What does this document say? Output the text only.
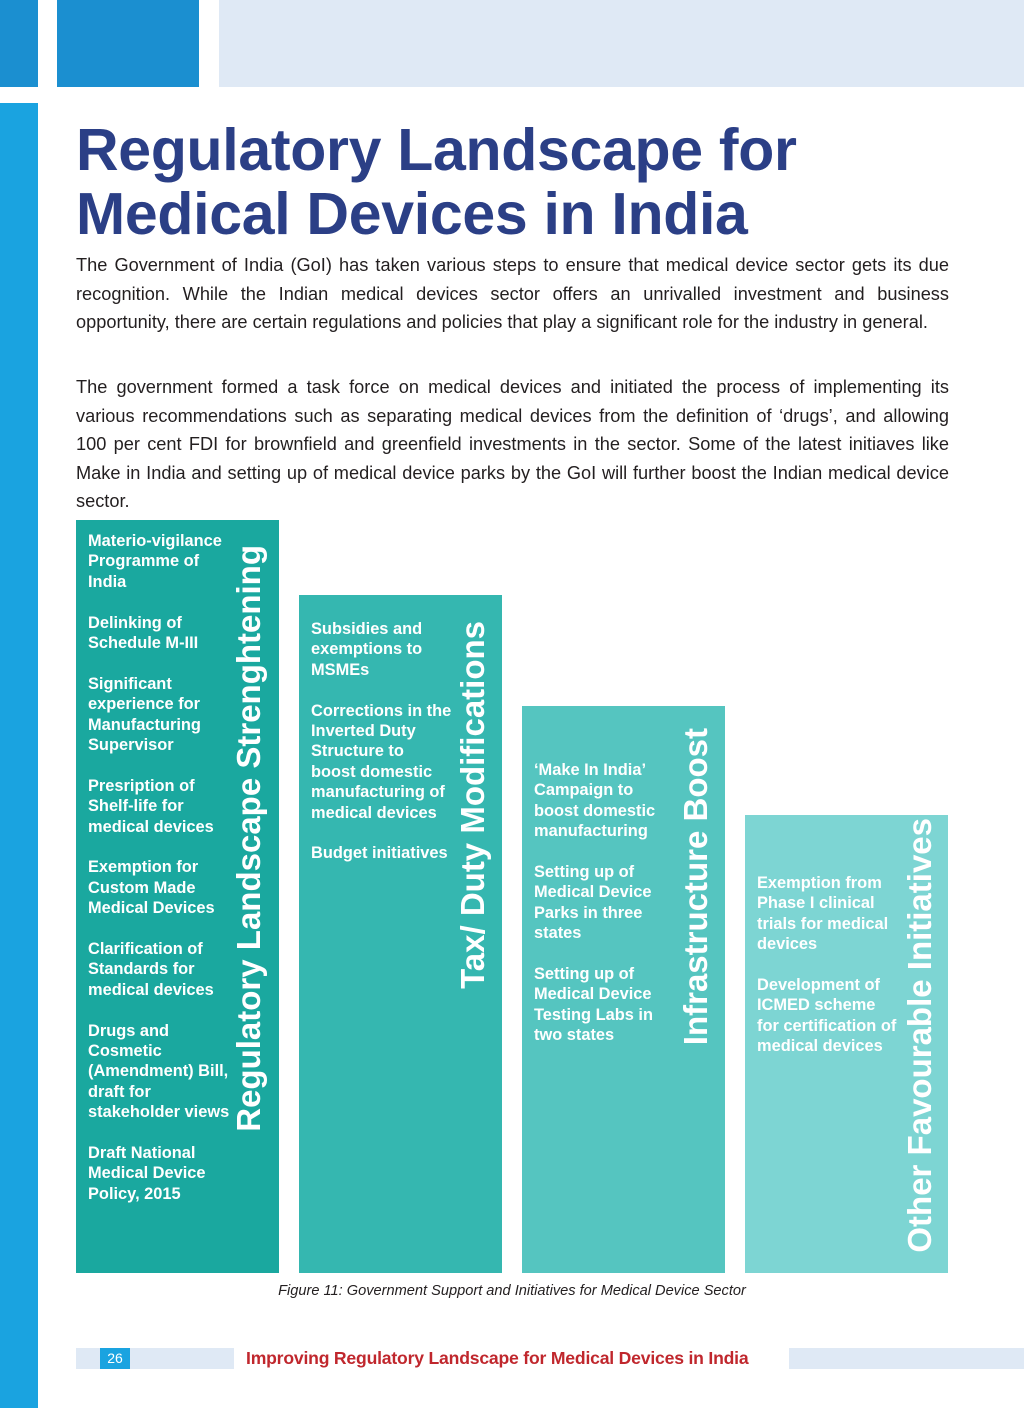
Regulatory Landscape for Medical Devices in India

The Government of India (GoI) has taken various steps to ensure that medical device sector gets its due recognition. While the Indian medical devices sector offers an unrivalled investment and business opportunity, there are certain regulations and policies that play a significant role for the industry in general.

The government formed a task force on medical devices and initiated the process of implementing its various recommendations such as separating medical devices from the definition of ‘drugs’, and allowing 100 per cent FDI for brownfield and greenfield investments in the sector. Some of the latest initiaves like Make in India and setting up of medical device parks by the GoI will further boost the Indian medical device sector.

Materio-vigilance Programme of India
Delinking of Schedule M-III
Significant experience for Manufacturing Supervisor
Presription of Shelf-life for medical devices
Exemption for Custom Made Medical Devices
Clarification of Standards for medical devices
Drugs and Cosmetic (Amendment) Bill, draft for stakeholder views
Draft National Medical Device Policy, 2015
Regulatory Landscape Strenghtening	Subsidies and exemptions to MSMEs
Corrections in the Inverted Duty Structure to boost domestic manufacturing of medical devices
Budget initiatives Tax/ Duty Modifications	‘Make In India’ Campaign to boost domestic manufacturing
Setting up of Medical Device Parks in three states
Setting up of Medical Device Testing Labs in two states	Infrastructure Boost	Exemption from Phase I clinical trials for medical devices
Development of ICMED scheme for certification of medical devices Other Favourable Initiatives
Figure 11: Government Support and Initiatives for Medical Device Sector
26	Improving Regulatory Landscape for Medical Devices in India
